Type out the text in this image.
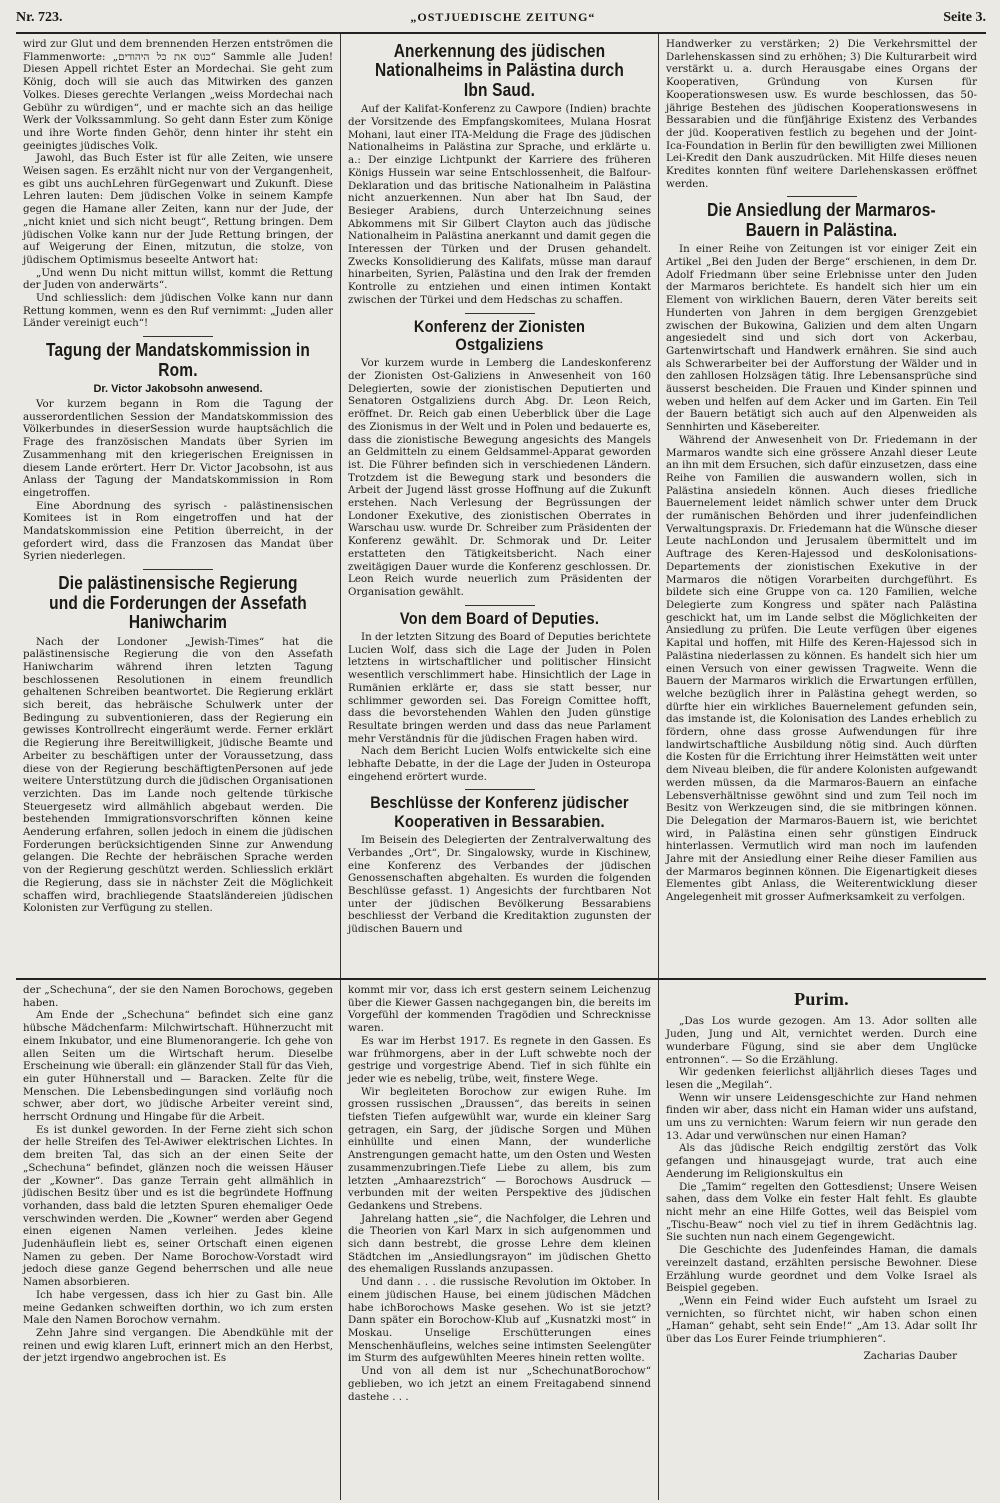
Nr. 723.	„OSTJUEDISCHE ZEITUNG“	Seite 3.

wird zur Glut und dem brennenden Herzen entströmen die Flammenworte: „כנוס את כל היהודים“ Sammle alle Juden! Diesen Appell richtet Ester an Mordechai. Sie geht zum König, doch will sie auch das Mitwirken des ganzen Volkes. Dieses gerechte Verlangen „weiss Mordechai nach Gebühr zu würdigen“, und er machte sich an das heilige Werk der Volkssammlung. So geht dann Ester zum Könige und ihre Worte finden Gehör, denn hinter ihr steht ein geeinigtes jüdisches Volk.

Jawohl, das Buch Ester ist für alle Zeiten, wie unsere Weisen sagen. Es erzählt nicht nur von der Vergangenheit, es gibt uns auchLehren fürGegenwart und Zukunft. Diese Lehren lauten: Dem jüdischen Volke in seinem Kampfe gegen die Hamane aller Zeiten, kann nur der Jude, der „nicht kniet und sich nicht beugt“, Rettung bringen. Dem jüdischen Volke kann nur der Jude Rettung bringen, der auf Weigerung der Einen, mitzutun, die stolze, von jüdischem Optimismus beseelte Antwort hat:

„Und wenn Du nicht mittun willst, kommt die Rettung der Juden von anderwärts“.

Und schliesslich: dem jüdischen Volke kann nur dann Rettung kommen, wenn es den Ruf vernimmt: „Juden aller Länder vereinigt euch“!

Tagung der Mandatskommission in Rom.
Dr. Victor Jakobsohn anwesend.

Vor kurzem begann in Rom die Tagung der ausserordentlichen Session der Mandatskommission des Völkerbundes in dieserSession wurde hauptsächlich die Frage des französischen Mandats über Syrien im Zusammenhang mit den kriegerischen Ereignissen in diesem Lande erörtert. Herr Dr. Victor Jacobsohn, ist aus Anlass der Tagung der Mandatskommission in Rom eingetroffen.

Eine Abordnung des syrisch - palästinensischen Komitees ist in Rom eingetroffen und hat der Mandatskommission eine Petition überreicht, in der gefordert wird, dass die Franzosen das Mandat über Syrien niederlegen.

Die palästinensische Regierung und die Forderungen der Assefath Haniwcharim

Nach der Londoner „Jewish-Times“ hat die palästinensische Regierung die von den Assefath Haniwcharim während ihren letzten Tagung beschlossenen Resolutionen in einem freundlich gehaltenen Schreiben beantwortet. Die Regierung erklärt sich bereit, das hebräische Schulwerk unter der Bedingung zu subventionieren, dass der Regierung ein gewisses Kontrollrecht eingeräumt werde. Ferner erklärt die Regierung ihre Bereitwilligkeit, jüdische Beamte und Arbeiter zu beschäftigen unter der Voraussetzung, dass diese von der Regierung beschäftigtenPersonen auf jede weitere Unterstützung durch die jüdischen Organisationen verzichten. Das im Lande noch geltende türkische Steuergesetz wird allmählich abgebaut werden. Die bestehenden Immigrationsvorschriften können keine Aenderung erfahren, sollen jedoch in einem die jüdischen Forderungen berücksichtigenden Sinne zur Anwendung gelangen. Die Rechte der hebräischen Sprache werden von der Regierung geschützt werden. Schliesslich erklärt die Regierung, dass sie in nächster Zeit die Möglichkeit schaffen wird, brachliegende Staatsländereien jüdischen Kolonisten zur Verfügung zu stellen.

Anerkennung des jüdischen Nationalheims in Palästina durch Ibn Saud.

Auf der Kalifat-Konferenz zu Cawpore (Indien) brachte der Vorsitzende des Empfangskomitees, Mulana Hosrat Mohani, laut einer ITA-Meldung die Frage des jüdischen Nationalheims in Palästina zur Sprache, und erklärte u. a.: Der einzige Lichtpunkt der Karriere des früheren Königs Hussein war seine Entschlossenheit, die Balfour-Deklaration und das britische Nationalheim in Palästina nicht anzuerkennen. Nun aber hat Ibn Saud, der Besieger Arabiens, durch Unterzeichnung seines Abkommens mit Sir Gilbert Clayton auch das jüdische Nationalheim in Palästina anerkannt und damit gegen die Interessen der Türken und der Drusen gehandelt. Zwecks Konsolidierung des Kalifats, müsse man darauf hinarbeiten, Syrien, Palästina und den Irak der fremden Kontrolle zu entziehen und einen intimen Kontakt zwischen der Türkei und dem Hedschas zu schaffen.

Konferenz der Zionisten Ostgaliziens

Vor kurzem wurde in Lemberg die Landeskonferenz der Zionisten Ost-Galiziens in Anwesenheit von 160 Delegierten, sowie der zionistischen Deputierten und Senatoren Ostgaliziens durch Abg. Dr. Leon Reich, eröffnet. Dr. Reich gab einen Ueberblick über die Lage des Zionismus in der Welt und in Polen und bedauerte es, dass die zionistische Bewegung angesichts des Mangels an Geldmitteln zu einem Geldsammel-Apparat geworden ist. Die Führer befinden sich in verschiedenen Ländern. Trotzdem ist die Bewegung stark und besonders die Arbeit der Jugend lässt grosse Hoffnung auf die Zukunft erstehen. Nach Verlesung der Begrüssungen der Londoner Exekutive, des zionistischen Oberrates in Warschau usw. wurde Dr. Schreiber zum Präsidenten der Konferenz gewählt. Dr. Schmorak und Dr. Leiter erstatteten den Tätigkeitsbericht. Nach einer zweitägigen Dauer wurde die Konferenz geschlossen. Dr. Leon Reich wurde neuerlich zum Präsidenten der Organisation gewählt.

Von dem Board of Deputies.

In der letzten Sitzung des Board of Deputies berichtete Lucien Wolf, dass sich die Lage der Juden in Polen letztens in wirtschaftlicher und politischer Hinsicht wesentlich verschlimmert habe. Hinsichtlich der Lage in Rumänien erklärte er, dass sie statt besser, nur schlimmer geworden sei. Das Foreign Comittee hofft, dass die bevorstehenden Wahlen den Juden günstige Resultate bringen werden und dass das neue Parlament mehr Verständnis für die jüdischen Fragen haben wird.

Nach dem Bericht Lucien Wolfs entwickelte sich eine lebhafte Debatte, in der die Lage der Juden in Osteuropa eingehend erörtert wurde.

Beschlüsse der Konferenz jüdischer Kooperativen in Bessarabien.

Im Beisein des Delegierten der Zentralverwaltung des Verbandes „Ort“, Dr. Singalowsky, wurde in Kischinew, eine Konferenz des Verbandes der jüdischen Genossenschaften abgehalten. Es wurden die folgenden Beschlüsse gefasst. 1) Angesichts der furchtbaren Not unter der jüdischen Bevölkerung Bessarabiens beschliesst der Verband die Kreditaktion zugunsten der jüdischen Bauern und

Handwerker zu verstärken; 2) Die Verkehrsmittel der Darlehenskassen sind zu erhöhen; 3) Die Kulturarbeit wird verstärkt u. a. durch Herausgabe eines Organs der Kooperativen, Gründung von Kursen für Kooperationswesen usw. Es wurde beschlossen, das 50-jährige Bestehen des jüdischen Kooperationswesens in Bessarabien und die fünfjährige Existenz des Verbandes der jüd. Kooperativen festlich zu begehen und der Joint-Ica-Foundation in Berlin für den bewilligten zwei Millionen Lei-Kredit den Dank auszudrücken. Mit Hilfe dieses neuen Kredites konnten fünf weitere Darlehenskassen eröffnet werden.

Die Ansiedlung der Marmaros-Bauern in Palästina.

In einer Reihe von Zeitungen ist vor einiger Zeit ein Artikel „Bei den Juden der Berge“ erschienen, in dem Dr. Adolf Friedmann über seine Erlebnisse unter den Juden der Marmaros berichtete. Es handelt sich hier um ein Element von wirklichen Bauern, deren Väter bereits seit Hunderten von Jahren in dem bergigen Grenzgebiet zwischen der Bukowina, Galizien und dem alten Ungarn angesiedelt sind und sich dort von Ackerbau, Gartenwirtschaft und Handwerk ernähren. Sie sind auch als Schwerarbeiter bei der Aufforstung der Wälder und in den zahllosen Holzsägen tätig. Ihre Lebensansprüche sind äusserst bescheiden. Die Frauen und Kinder spinnen und weben und helfen auf dem Acker und im Garten. Ein Teil der Bauern betätigt sich auch auf den Alpenweiden als Sennhirten und Käsebereiter.

Während der Anwesenheit von Dr. Friedemann in der Marmaros wandte sich eine grössere Anzahl dieser Leute an ihn mit dem Ersuchen, sich dafür einzusetzen, dass eine Reihe von Familien die auswandern wollen, sich in Palästina ansiedeln können. Auch dieses friedliche Bauernelement leidet nämlich schwer unter dem Druck der rumänischen Behörden und ihrer judenfeindlichen Verwaltungspraxis. Dr. Friedemann hat die Wünsche dieser Leute nachLondon und Jerusalem übermittelt und im Auftrage des Keren-Hajessod und desKolonisations-Departements der zionistischen Exekutive in der Marmaros die nötigen Vorarbeiten durchgeführt. Es bildete sich eine Gruppe von ca. 120 Familien, welche Delegierte zum Kongress und später nach Palästina geschickt hat, um im Lande selbst die Möglichkeiten der Ansiedlung zu prüfen. Die Leute verfügen über eigenes Kapital und hoffen, mit Hilfe des Keren-Hajessod sich in Palästina niederlassen zu können. Es handelt sich hier um einen Versuch von einer gewissen Tragweite. Wenn die Bauern der Marmaros wirklich die Erwartungen erfüllen, welche bezüglich ihrer in Palästina gehegt werden, so dürfte hier ein wirkliches Bauernelement gefunden sein, das imstande ist, die Kolonisation des Landes erheblich zu fördern, ohne dass grosse Aufwendungen für ihre landwirtschaftliche Ausbildung nötig sind. Auch dürften die Kosten für die Errichtung ihrer Heimstätten weit unter dem Niveau bleiben, die für andere Kolonisten aufgewandt werden müssen, da die Marmaros-Bauern an einfache Lebensverhältnisse gewöhnt sind und zum Teil noch im Besitz von Werkzeugen sind, die sie mitbringen können. Die Delegation der Marmaros-Bauern ist, wie berichtet wird, in Palästina einen sehr günstigen Eindruck hinterlassen. Vermutlich wird man noch im laufenden Jahre mit der Ansiedlung einer Reihe dieser Familien aus der Marmaros beginnen können. Die Eigenartigkeit dieses Elementes gibt Anlass, die Weiterentwicklung dieser Angelegenheit mit grosser Aufmerksamkeit zu verfolgen.

der „Schechuna“, der sie den Namen Borochows, gegeben haben.

Am Ende der „Schechuna“ befindet sich eine ganz hübsche Mädchenfarm: Milchwirtschaft. Hühnerzucht mit einem Inkubator, und eine Blumenorangerie. Ich gehe von allen Seiten um die Wirtschaft herum. Dieselbe Erscheinung wie überall: ein glänzender Stall für das Vieh, ein guter Hühnerstall und — Baracken. Zelte für die Menschen. Die Lebensbedingungen sind vorläufig noch schwer, aber dort, wo jüdische Arbeiter vereint sind, herrscht Ordnung und Hingabe für die Arbeit.

Es ist dunkel geworden. In der Ferne zieht sich schon der helle Streifen des Tel-Awiwer elektrischen Lichtes. In dem breiten Tal, das sich an der einen Seite der „Schechuna“ befindet, glänzen noch die weissen Häuser der „Kowner“. Das ganze Terrain geht allmählich in jüdischen Besitz über und es ist die begründete Hoffnung vorhanden, dass bald die letzten Spuren ehemaliger Oede verschwinden werden. Die „Kowner“ werden aber Gegend einen eigenen Namen verleihen. Jedes kleine Judenhäuflein liebt es, seiner Ortschaft einen eigenen Namen zu geben. Der Name Borochow-Vorstadt wird jedoch diese ganze Gegend beherrschen und alle neue Namen absorbieren.

Ich habe vergessen, dass ich hier zu Gast bin. Alle meine Gedanken schweiften dorthin, wo ich zum ersten Male den Namen Borochow vernahm.

Zehn Jahre sind vergangen. Die Abendkühle mit der reinen und ewig klaren Luft, erinnert mich an den Herbst, der jetzt irgendwo angebrochen ist. Es

kommt mir vor, dass ich erst gestern seinem Leichenzug über die Kiewer Gassen nachgegangen bin, die bereits im Vorgefühl der kommenden Tragödien und Schrecknisse waren.

Es war im Herbst 1917. Es regnete in den Gassen. Es war frühmorgens, aber in der Luft schwebte noch der gestrige und vorgestrige Abend. Tief in sich fühlte ein jeder wie es nebelig, trübe, weit, finstere Wege.

Wir begleiteten Borochow zur ewigen Ruhe. Im grossen russischen „Draussen“, das bereits in seinen tiefsten Tiefen aufgewühlt war, wurde ein kleiner Sarg getragen, ein Sarg, der jüdische Sorgen und Mühen einhüllte und einen Mann, der wunderliche Anstrengungen gemacht hatte, um den Osten und Westen zusammenzubringen.Tiefe Liebe zu allem, bis zum letzten „Amhaarezstrich“ — Borochows Ausdruck — verbunden mit der weiten Perspektive des jüdischen Gedankens und Strebens.

Jahrelang hatten „sie“, die Nachfolger, die Lehren und die Theorien von Karl Marx in sich aufgenommen und sich dann bestrebt, die grosse Lehre dem kleinen Städtchen im „Ansiedlungsrayon“ im jüdischen Ghetto des ehemaligen Russlands anzupassen.

Und dann . . . die russische Revolution im Oktober. In einem jüdischen Hause, bei einem jüdischen Mädchen habe ichBorochows Maske gesehen. Wo ist sie jetzt? Dann später ein Borochow-Klub auf „Kusnatzki most“ in Moskau. Unselige Erschütterungen eines Menschenhäufleins, welches seine intimsten Seelengüter im Sturm des aufgewühlten Meeres hinein retten wollte.

Und von all dem ist nur „SchechunatBorochow“ geblieben, wo ich jetzt an einem Freitagabend sinnend dastehe . . .

Purim.

„Das Los wurde gezogen. Am 13. Ador sollten alle Juden, Jung und Alt, vernichtet werden. Durch eine wunderbare Fügung, sind sie aber dem Unglücke entronnen“. — So die Erzählung.

Wir gedenken feierlichst alljährlich dieses Tages und lesen die „Megilah“.

Wenn wir unsere Leidensgeschichte zur Hand nehmen finden wir aber, dass nicht ein Haman wider uns aufstand, um uns zu vernichten: Warum feiern wir nun gerade den 13. Adar und verwünschen nur einen Haman?

Als das jüdische Reich endgiltig zerstört das Volk gefangen und hinausgejagt wurde, trat auch eine Aenderung im Religionskultus ein

Die „Tamim“ regelten den Gottesdienst; Unsere Weisen sahen, dass dem Volke ein fester Halt fehlt. Es glaubte nicht mehr an eine Hilfe Gottes, weil das Beispiel vom „Tischu-Beaw“ noch viel zu tief in ihrem Gedächtnis lag. Sie suchten nun nach einem Gegengewicht.

Die Geschichte des Judenfeindes Haman, die damals vereinzelt dastand, erzählten persische Bewohner. Diese Erzählung wurde geordnet und dem Volke Israel als Beispiel gegeben.

„Wenn ein Feind wider Euch aufsteht um Israel zu vernichten, so fürchtet nicht, wir haben schon einen „Haman“ gehabt, seht sein Ende!“ „Am 13. Adar sollt Ihr über das Los Eurer Feinde triumphieren“.

Zacharias Dauber
